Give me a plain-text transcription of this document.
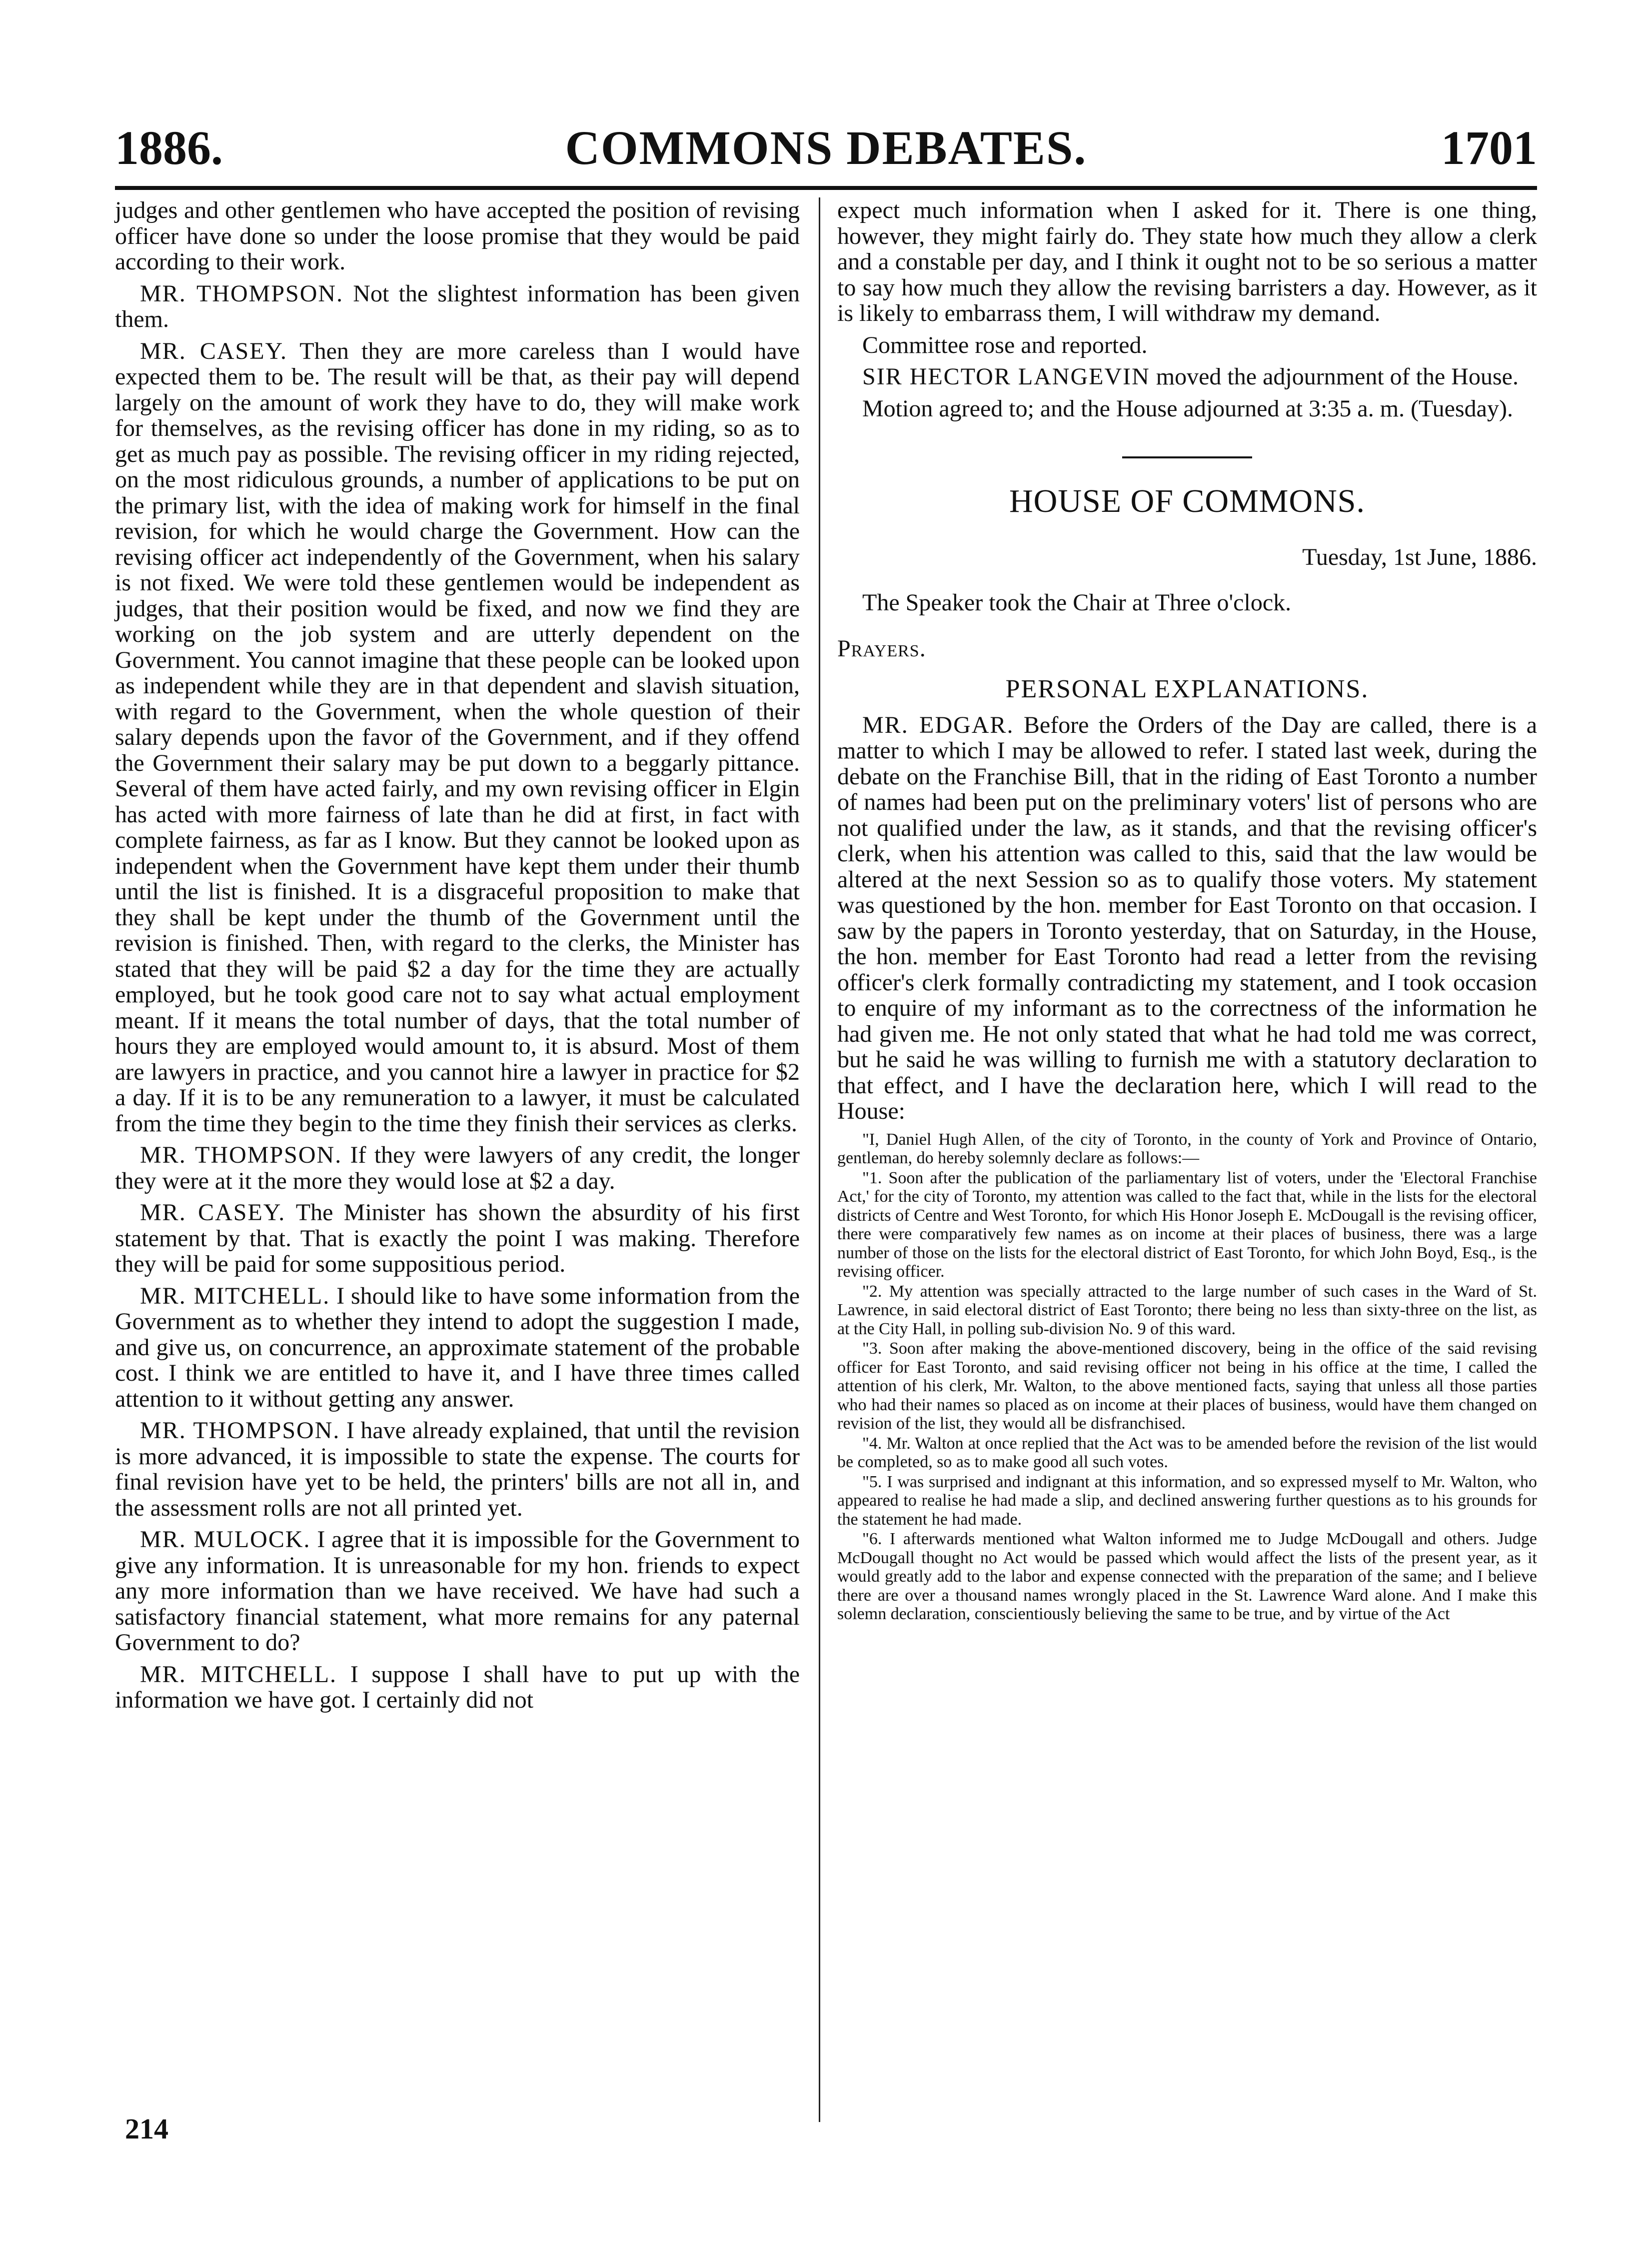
1886.	COMMONS DEBATES.	1701

judges and other gentlemen who have accepted the position of revising officer have done so under the loose promise that they would be paid according to their work.

MR. THOMPSON. Not the slightest information has been given them.

MR. CASEY. Then they are more careless than I would have expected them to be. The result will be that, as their pay will depend largely on the amount of work they have to do, they will make work for themselves, as the revising officer has done in my riding, so as to get as much pay as possible. The revising officer in my riding rejected, on the most ridiculous grounds, a number of applications to be put on the primary list, with the idea of making work for himself in the final revision, for which he would charge the Government. How can the revising officer act independently of the Government, when his salary is not fixed. We were told these gentlemen would be independent as judges, that their position would be fixed, and now we find they are working on the job system and are utterly dependent on the Government. You cannot imagine that these people can be looked upon as independent while they are in that dependent and slavish situation, with regard to the Government, when the whole question of their salary depends upon the favor of the Government, and if they offend the Government their salary may be put down to a beggarly pittance. Several of them have acted fairly, and my own revising officer in Elgin has acted with more fairness of late than he did at first, in fact with complete fairness, as far as I know. But they cannot be looked upon as independent when the Government have kept them under their thumb until the list is finished. It is a disgraceful proposition to make that they shall be kept under the thumb of the Government until the revision is finished. Then, with regard to the clerks, the Minister has stated that they will be paid $2 a day for the time they are actually employed, but he took good care not to say what actual employment meant. If it means the total number of days, that the total number of hours they are employed would amount to, it is absurd. Most of them are lawyers in practice, and you cannot hire a lawyer in practice for $2 a day. If it is to be any remuneration to a lawyer, it must be calculated from the time they begin to the time they finish their services as clerks.

MR. THOMPSON. If they were lawyers of any credit, the longer they were at it the more they would lose at $2 a day.

MR. CASEY. The Minister has shown the absurdity of his first statement by that. That is exactly the point I was making. Therefore they will be paid for some suppositious period.

MR. MITCHELL. I should like to have some information from the Government as to whether they intend to adopt the suggestion I made, and give us, on concurrence, an approximate statement of the probable cost. I think we are entitled to have it, and I have three times called attention to it without getting any answer.

MR. THOMPSON. I have already explained, that until the revision is more advanced, it is impossible to state the expense. The courts for final revision have yet to be held, the printers' bills are not all in, and the assessment rolls are not all printed yet.

MR. MULOCK. I agree that it is impossible for the Government to give any information. It is unreasonable for my hon. friends to expect any more information than we have received. We have had such a satisfactory financial statement, what more remains for any paternal Government to do?

MR. MITCHELL. I suppose I shall have to put up with the information we have got. I certainly did not

expect much information when I asked for it. There is one thing, however, they might fairly do. They state how much they allow a clerk and a constable per day, and I think it ought not to be so serious a matter to say how much they allow the revising barristers a day. However, as it is likely to embarrass them, I will withdraw my demand.

Committee rose and reported.

SIR HECTOR LANGEVIN moved the adjournment of the House.

Motion agreed to; and the House adjourned at 3:35 a. m. (Tuesday).

HOUSE OF COMMONS.

Tuesday, 1st June, 1886.

The Speaker took the Chair at Three o'clock.

Prayers.

PERSONAL EXPLANATIONS.

MR. EDGAR. Before the Orders of the Day are called, there is a matter to which I may be allowed to refer. I stated last week, during the debate on the Franchise Bill, that in the riding of East Toronto a number of names had been put on the preliminary voters' list of persons who are not qualified under the law, as it stands, and that the revising officer's clerk, when his attention was called to this, said that the law would be altered at the next Session so as to qualify those voters. My statement was questioned by the hon. member for East Toronto on that occasion. I saw by the papers in Toronto yesterday, that on Saturday, in the House, the hon. member for East Toronto had read a letter from the revising officer's clerk formally contradicting my statement, and I took occasion to enquire of my informant as to the correctness of the information he had given me. He not only stated that what he had told me was correct, but he said he was willing to furnish me with a statutory declaration to that effect, and I have the declaration here, which I will read to the House:

"I, Daniel Hugh Allen, of the city of Toronto, in the county of York and Province of Ontario, gentleman, do hereby solemnly declare as follows:—

"1. Soon after the publication of the parliamentary list of voters, under the 'Electoral Franchise Act,' for the city of Toronto, my attention was called to the fact that, while in the lists for the electoral districts of Centre and West Toronto, for which His Honor Joseph E. McDougall is the revising officer, there were comparatively few names as on income at their places of business, there was a large number of those on the lists for the electoral district of East Toronto, for which John Boyd, Esq., is the revising officer.

"2. My attention was specially attracted to the large number of such cases in the Ward of St. Lawrence, in said electoral district of East Toronto; there being no less than sixty-three on the list, as at the City Hall, in polling sub-division No. 9 of this ward.

"3. Soon after making the above-mentioned discovery, being in the office of the said revising officer for East Toronto, and said revising officer not being in his office at the time, I called the attention of his clerk, Mr. Walton, to the above mentioned facts, saying that unless all those parties who had their names so placed as on income at their places of business, would have them changed on revision of the list, they would all be disfranchised.

"4. Mr. Walton at once replied that the Act was to be amended before the revision of the list would be completed, so as to make good all such votes.

"5. I was surprised and indignant at this information, and so expressed myself to Mr. Walton, who appeared to realise he had made a slip, and declined answering further questions as to his grounds for the statement he had made.

"6. I afterwards mentioned what Walton informed me to Judge McDougall and others. Judge McDougall thought no Act would be passed which would affect the lists of the present year, as it would greatly add to the labor and expense connected with the preparation of the same; and I believe there are over a thousand names wrongly placed in the St. Lawrence Ward alone. And I make this solemn declaration, conscientiously believing the same to be true, and by virtue of the Act

214
